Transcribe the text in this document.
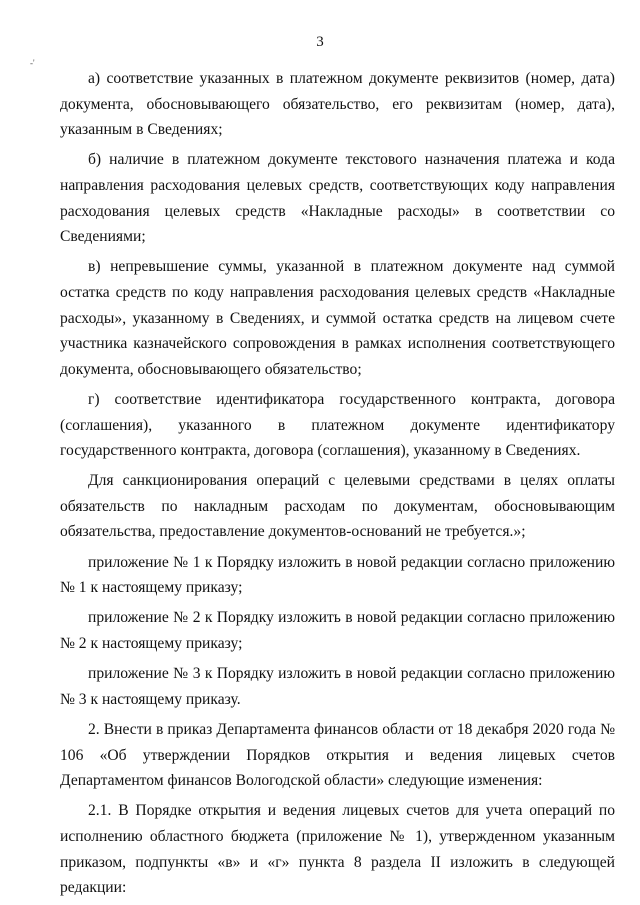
3
-'

а) соответствие указанных в платежном документе реквизитов (номер, дата) документа, обосновывающего обязательство, его реквизитам (номер, дата), указанным в Сведениях;

б) наличие в платежном документе текстового назначения платежа и кода направления расходования целевых средств, соответствующих коду направления расходования целевых средств «Накладные расходы» в соответствии со Сведениями;

в) непревышение суммы, указанной в платежном документе над суммой остатка средств по коду направления расходования целевых средств «Накладные расходы», указанному в Сведениях, и суммой остатка средств на лицевом счете участника казначейского сопровождения в рамках исполнения соответствующего документа, обосновывающего обязательство;

г) соответствие идентификатора государственного контракта, договора (соглашения), указанного в платежном документе идентификатору государственного контракта, договора (соглашения), указанному в Сведениях.

Для санкционирования операций с целевыми средствами в целях оплаты обязательств по накладным расходам по документам, обосновывающим обязательства, предоставление документов-оснований не требуется.»;

приложение № 1 к Порядку изложить в новой редакции согласно приложению № 1 к настоящему приказу;

приложение № 2 к Порядку изложить в новой редакции согласно приложению № 2 к настоящему приказу;

приложение № 3 к Порядку изложить в новой редакции согласно приложению № 3 к настоящему приказу.

2. Внести в приказ Департамента финансов области от 18 декабря 2020 года № 106 «Об утверждении Порядков открытия и ведения лицевых счетов Департаментом финансов Вологодской области» следующие изменения:

2.1. В Порядке открытия и ведения лицевых счетов для учета операций по исполнению областного бюджета (приложение № 1), утвержденном указанным приказом, подпункты «в» и «г» пункта 8 раздела II изложить в следующей редакции:
